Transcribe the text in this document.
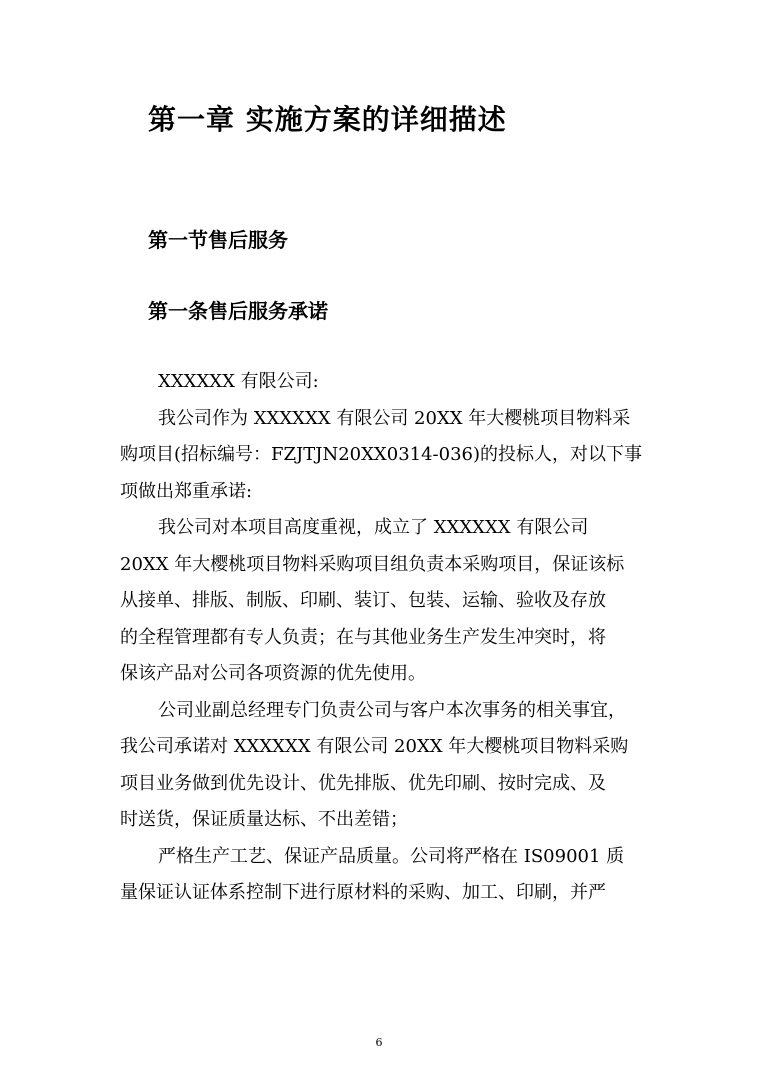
第一章 实施方案的详细描述
第一节售后服务
第一条售后服务承诺
XXXXXX 有限公司:
我公司作为 XXXXXX 有限公司 20XX 年大樱桃项目物料采
购项目(招标编号：FZJTJN20XX0314-036)的投标人，对以下事
项做出郑重承诺:
我公司对本项目高度重视，成立了 XXXXXX 有限公司
20XX 年大樱桃项目物料采购项目组负责本采购项目，保证该标
从接单、排版、制版、印刷、装订、包装、运输、验收及存放
的全程管理都有专人负责；在与其他业务生产发生冲突时，将
保该产品对公司各项资源的优先使用。
公司业副总经理专门负责公司与客户本次事务的相关事宜，
我公司承诺对 XXXXXX 有限公司 20XX 年大樱桃项目物料采购
项目业务做到优先设计、优先排版、优先印刷、按时完成、及
时送货，保证质量达标、不出差错；
严格生产工艺、保证产品质量。公司将严格在 IS09001 质
量保证认证体系控制下进行原材料的采购、加工、印刷，并严
6
